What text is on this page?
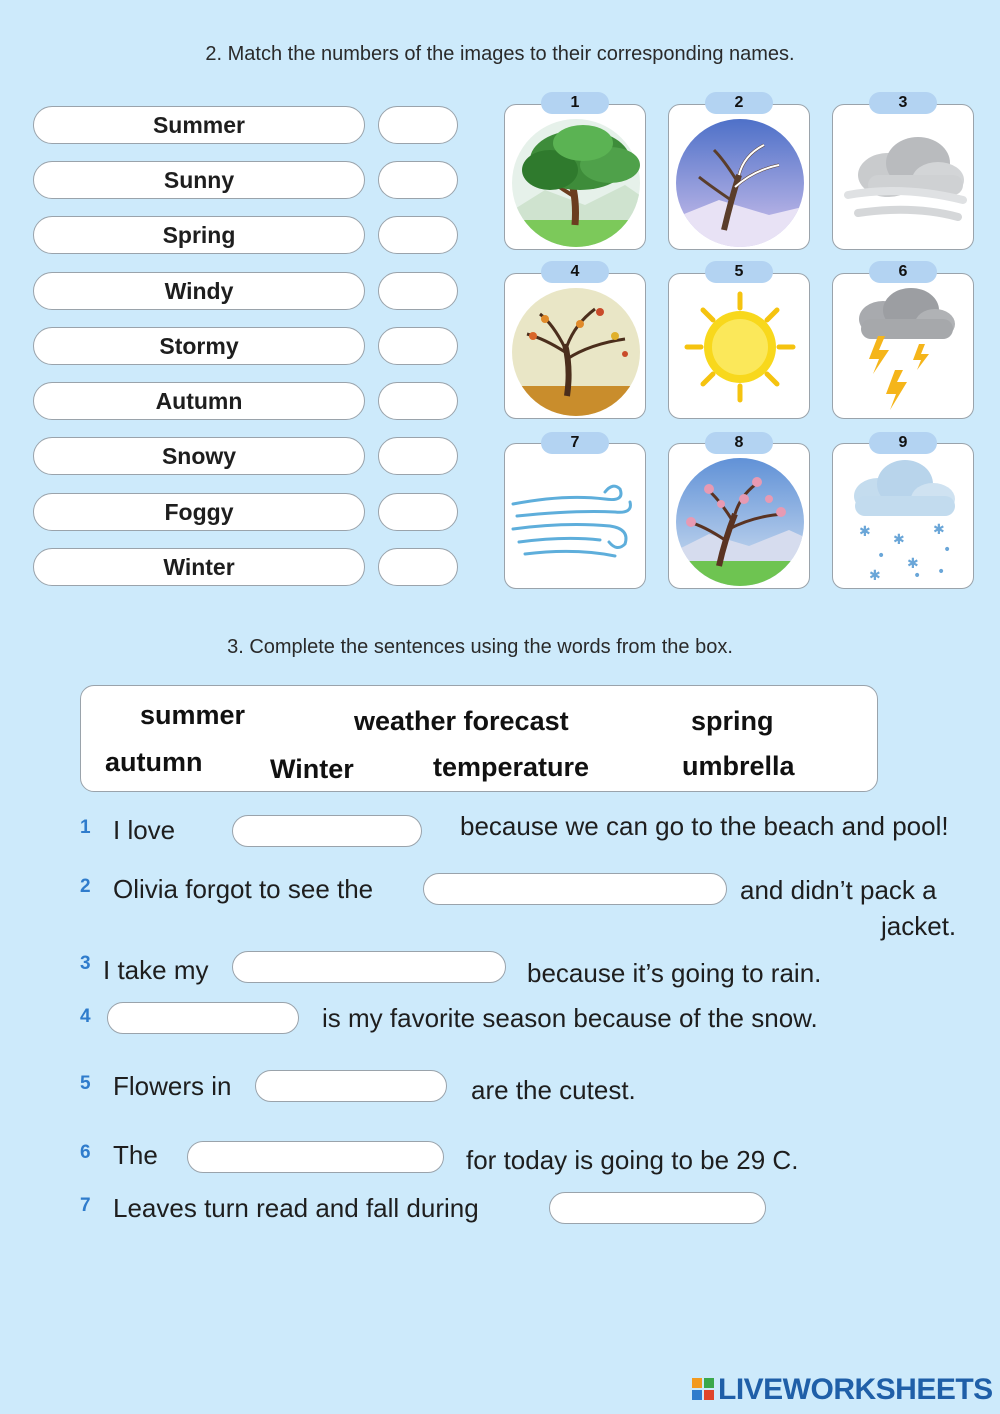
2. Match the numbers of the images to their corresponding names.
Summer
Sunny
Spring
Windy
Stormy
Autumn
Snowy
Foggy
Winter
1	2	3
4	5	6
7	8
✱ ✱
✱
• ✱
•
✱ • •
9
3. Complete the sentences using the words from the box.
summer	weather forecast	spring
autumn	Winter	temperature	umbrella
1 I love	because we can go to the beach and pool!
2 Olivia forgot to see the	and didn’t pack a
jacket.
3 I take my	because it’s going to rain.
4	is my favorite season because of the snow.
5 Flowers in	are the cutest.
6 The	for today is going to be 29 C.
7 Leaves turn read and fall during
LIVEWORKSHEETS
